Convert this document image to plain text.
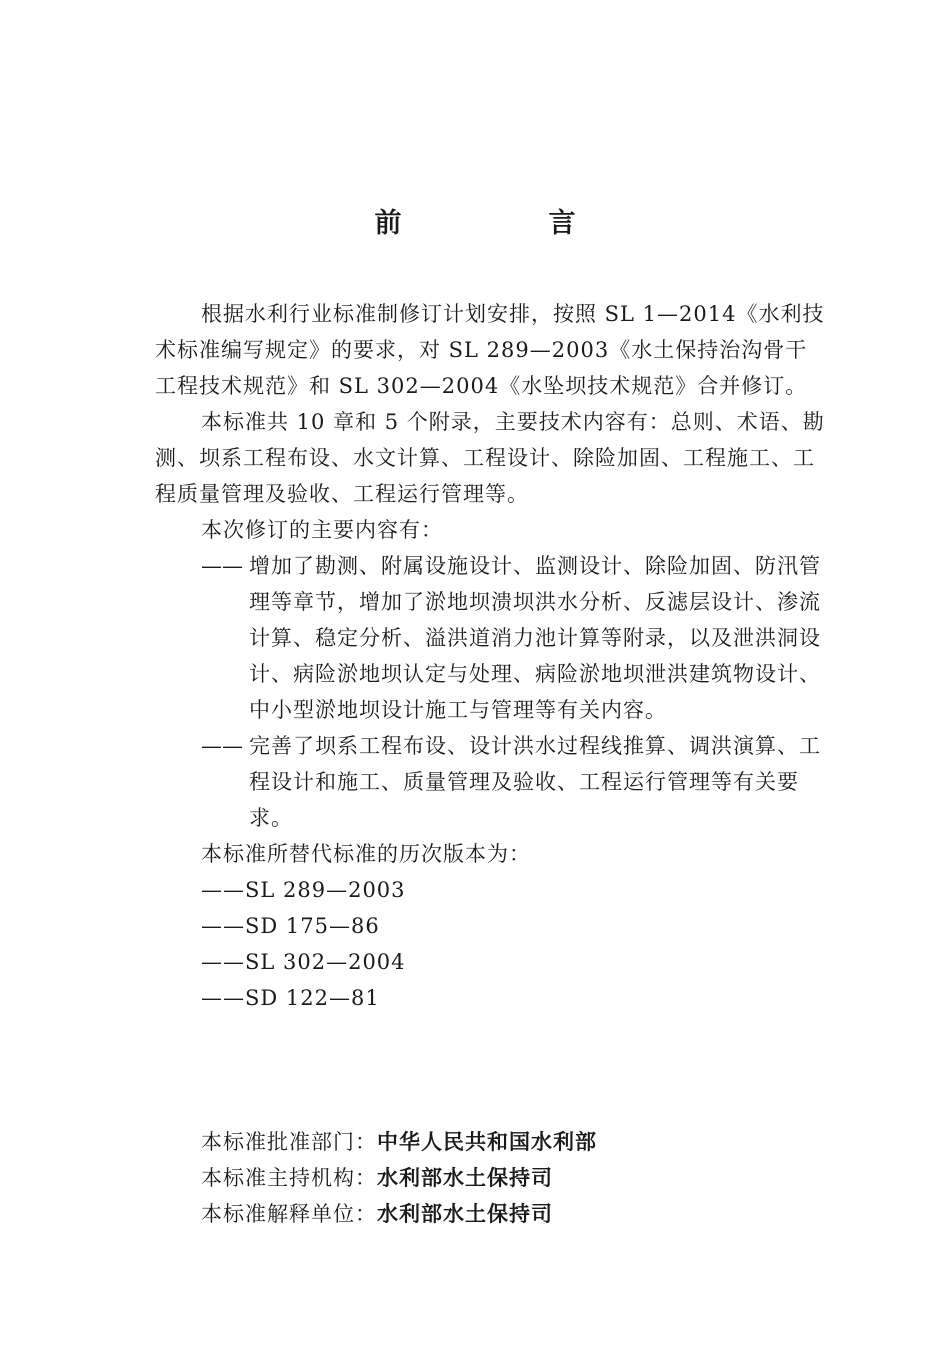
前　言

根据水利行业标准制修订计划安排，按照 SL 1—2014《水利技术标准编写规定》的要求，对 SL 289—2003《水土保持治沟骨干工程技术规范》和 SL 302—2004《水坠坝技术规范》合并修订。

本标准共 10 章和 5 个附录，主要技术内容有：总则、术语、勘测、坝系工程布设、水文计算、工程设计、除险加固、工程施工、工程质量管理及验收、工程运行管理等。

本次修订的主要内容有：

—— 增加了勘测、附属设施设计、监测设计、除险加固、防汛管理等章节，增加了淤地坝溃坝洪水分析、反滤层设计、渗流计算、稳定分析、溢洪道消力池计算等附录，以及泄洪洞设计、病险淤地坝认定与处理、病险淤地坝泄洪建筑物设计、中小型淤地坝设计施工与管理等有关内容。

—— 完善了坝系工程布设、设计洪水过程线推算、调洪演算、工程设计和施工、质量管理及验收、工程运行管理等有关要求。

本标准所替代标准的历次版本为：

——SL 289—2003

——SD 175—86

——SL 302—2004

——SD 122—81

本标准批准部门：中华人民共和国水利部

本标准主持机构：水利部水土保持司

本标准解释单位：水利部水土保持司
